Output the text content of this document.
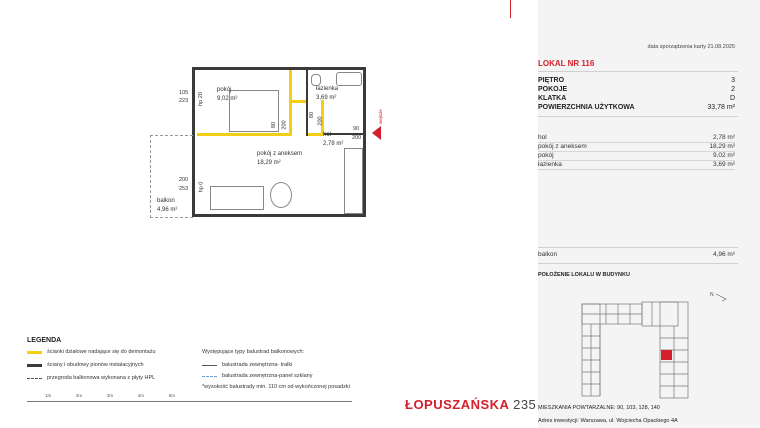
data sporządzenia karty 21.08.2025
LOKAL NR 116
PIĘTRO	3
POKOJE	2
KLATKA	D
POWIERZCHNIA UŻYTKOWA	33,78 m²
hol	2,78 m²
pokój z aneksem	18,29 m²
pokój	9,02 m²
łazienka	3,69 m²
balkon	4,96 m²
POŁOŻENIE LOKALU W BUDYNKU
N
MIESZKANIA POWTARZALNE: 90, 103, 128, 140
Adres inwestycji: Warszawa, ul. Wojciecha Opackiego 4A
pokój
9,02 m²
łazienka
3,69 m²
hol
2,78 m²
pokój z aneksem
18,29 m²
balkon
4,96 m²
105
223 hp 20
80 200
80
200
90
200
200
253 hp 0
wejście
LEGENDA
ścianki działowe nadające się do demontażu
ściany i obudowy pionów instalacyjnych
przegroda balkonowa wykonana z płyty HPL
Występujące typy balustrad balkonowych:
balustrada zewnętrzna- tralki
balustrada zewnętrzna-panel szklany
*wysokość balustrady min. 110 cm od wykończonej posadzki
1m	2m	3m	4m	5m
ŁOPUSZAŃSKA 235
